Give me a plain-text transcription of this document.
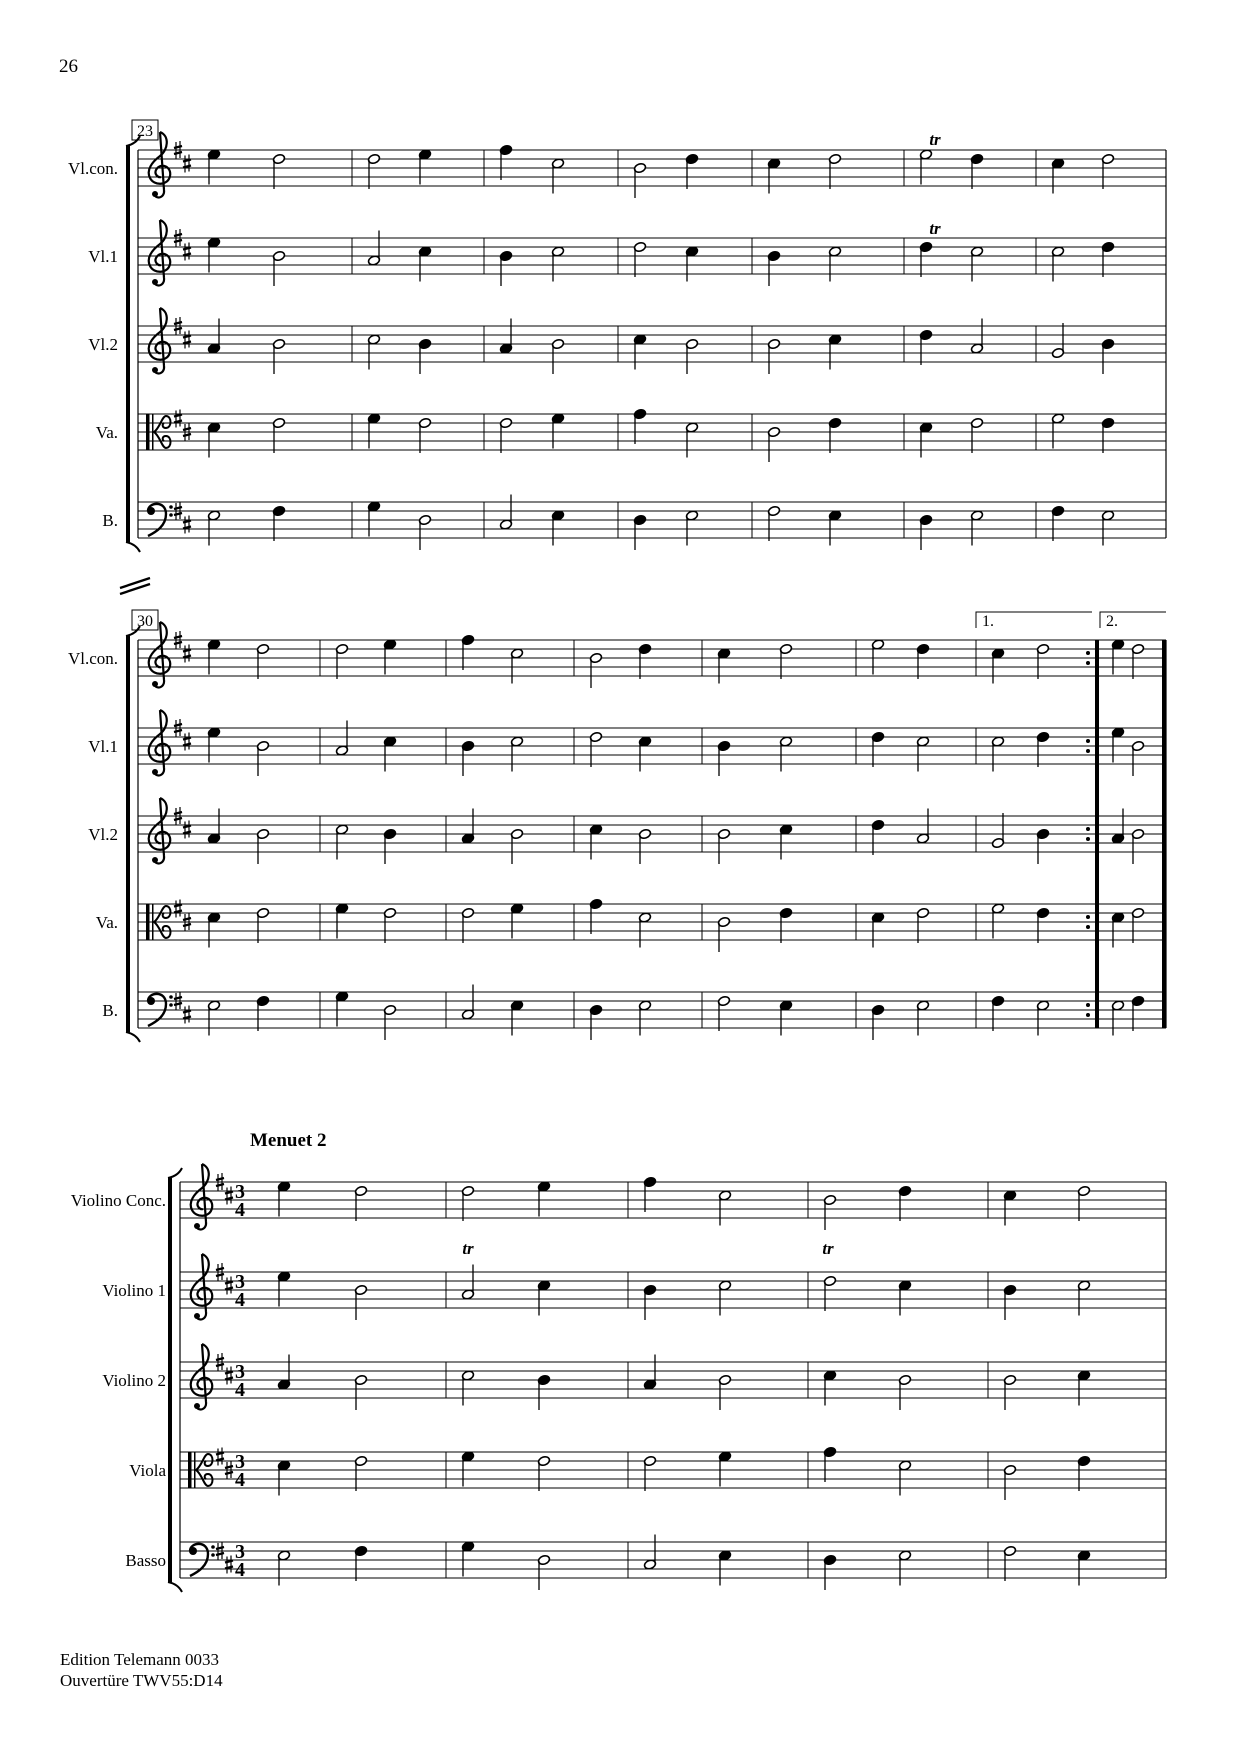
26
Vl.con.
Vl.1
Vl.2
Va.
B.
23	tr
tr
Vl.con.
Vl.1
Vl.2
Va.
B.
30	1.	2.
Violino Conc.	3
4
Violino 1	3
4
Violino 2	3
4
Viola	3
4
Basso	3
4
Menuet 2
tr	tr
Edition Telemann 0033
Ouvertüre TWV55:D14
